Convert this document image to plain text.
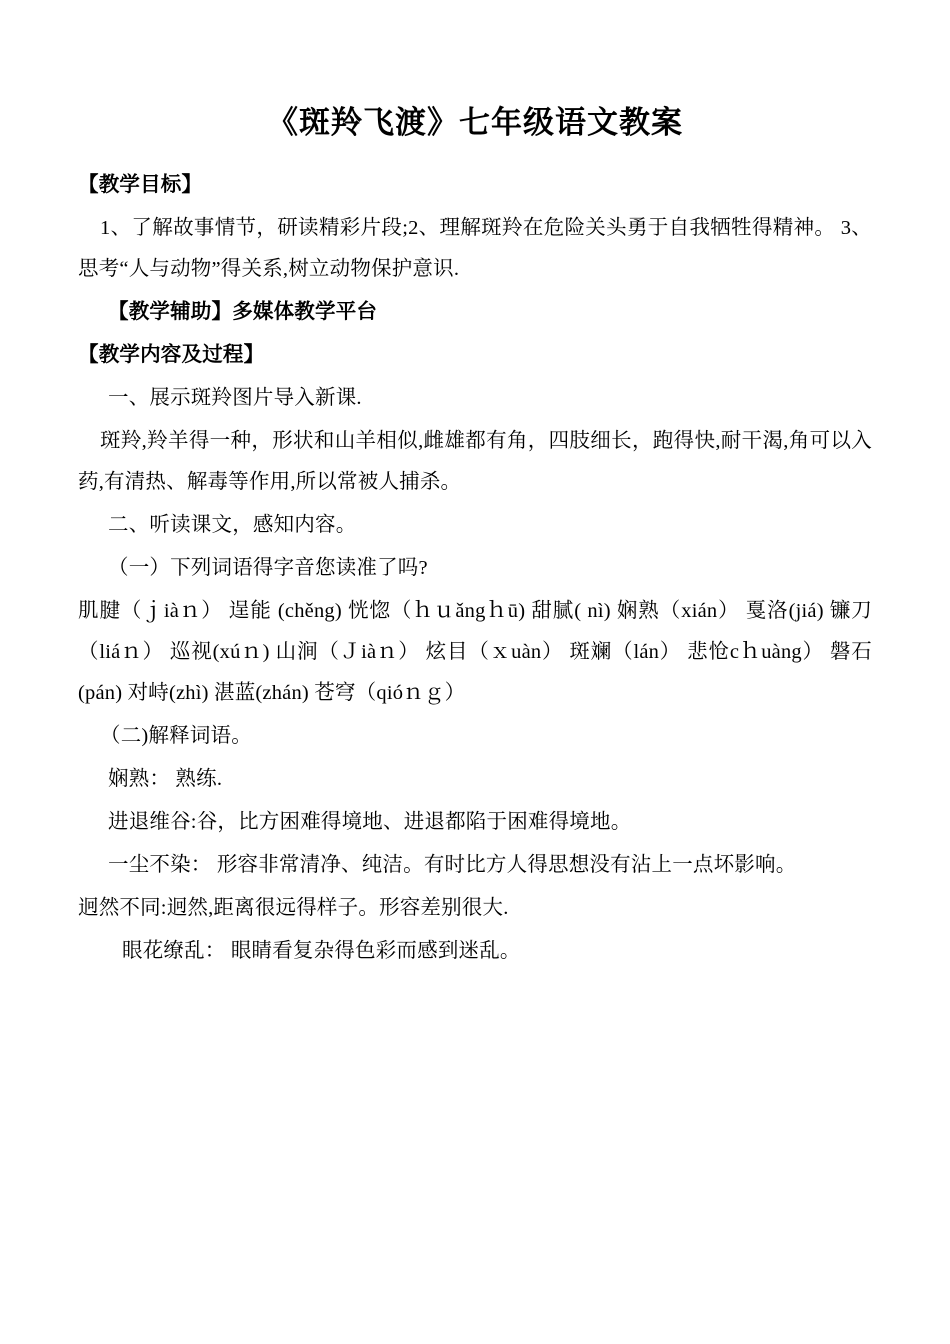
《斑羚飞渡》七年级语文教案

【教学目标】

1、了解故事情节，研读精彩片段;2、理解斑羚在危险关头勇于自我牺牲得精神。 3、思考“人与动物”得关系,树立动物保护意识.

【教学辅助】多媒体教学平台

【教学内容及过程】

一、展示斑羚图片导入新课.

斑羚,羚羊得一种，形状和山羊相似,雌雄都有角，四肢细长，跑得快,耐干渴,角可以入药,有清热、解毒等作用,所以常被人捕杀。

二、听读课文，感知内容。

（一）下列词语得字音您读准了吗?

肌腱（ｊiàｎ） 逞能 (chěng) 恍惚（ｈｕǎngｈū) 甜腻( nì) 娴熟（xián） 戛洛(jiá) 镰刀（liáｎ） 巡视(xúｎ) 山涧（Ｊiàｎ） 炫目（ｘuàn） 斑斓（lán） 悲怆cｈuàng） 磐石(pán) 对峙(zhì) 湛蓝(zhán) 苍穹（qióｎｇ）

（二)解释词语。

娴熟： 熟练.

进退维谷:谷，比方困难得境地、进退都陷于困难得境地。

一尘不染： 形容非常清净、纯洁。有时比方人得思想没有沾上一点坏影响。

迥然不同:迥然,距离很远得样子。形容差别很大.

眼花缭乱： 眼睛看复杂得色彩而感到迷乱。
